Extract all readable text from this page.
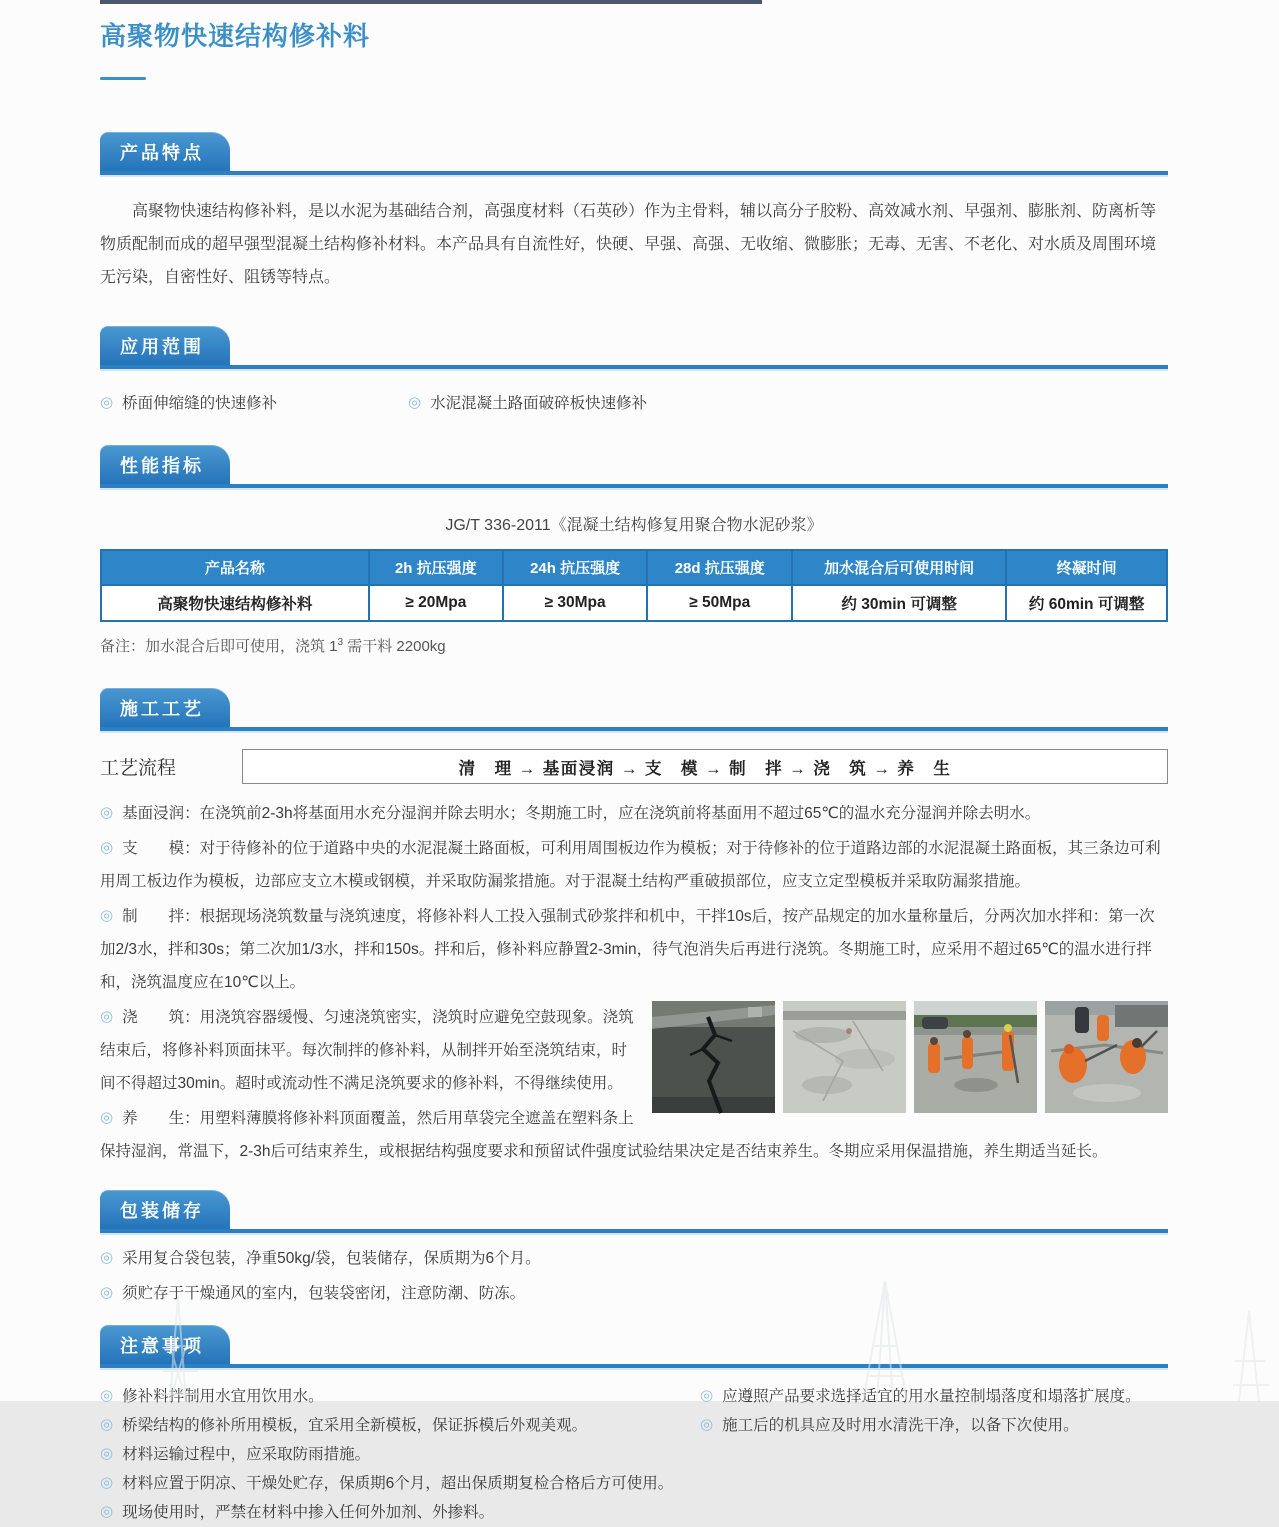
高聚物快速结构修补料
产品特点

高聚物快速结构修补料，是以水泥为基础结合剂，高强度材料（石英砂）作为主骨料，辅以高分子胶粉、高效减水剂、早强剂、膨胀剂、防离析等物质配制而成的超早强型混凝土结构修补材料。本产品具有自流性好，快硬、早强、高强、无收缩、微膨胀；无毒、无害、不老化、对水质及周围环境无污染，自密性好、阻锈等特点。

应用范围
◎ 桥面伸缩缝的快速修补	◎ 水泥混凝土路面破碎板快速修补
性能指标

JG/T 336-2011《混凝土结构修复用聚合物水泥砂浆》

产品名称	2h 抗压强度	24h 抗压强度	28d 抗压强度	加水混合后可使用时间	终凝时间
高聚物快速结构修补料	≥ 20Mpa	≥ 30Mpa	≥ 50Mpa	约 30min 可调整	约 60min 可调整

备注：加水混合后即可使用，浇筑 $1^3$ 需干料 2200kg

施工工艺
工艺流程	清　理 → 基面浸润 → 支　模 → 制　拌 → 浇　筑 → 养　生
◎ 基面浸润：在浇筑前2-3h将基面用水充分湿润并除去明水；冬期施工时，应在浇筑前将基面用不超过65℃的温水充分湿润并除去明水。
◎ 支　　模：对于待修补的位于道路中央的水泥混凝土路面板，可利用周围板边作为模板；对于待修补的位于道路边部的水泥混凝土路面板，其三条边可利用周工板边作为模板，边部应支立木模或钢模，并采取防漏浆措施。对于混凝土结构严重破损部位，应支立定型模板并采取防漏浆措施。
◎ 制　　拌：根据现场浇筑数量与浇筑速度，将修补料人工投入强制式砂浆拌和机中，干拌10s后，按产品规定的加水量称量后，分两次加水拌和：第一次加2/3水，拌和30s；第二次加1/3水，拌和150s。拌和后，修补料应静置2-3min，待气泡消失后再进行浇筑。冬期施工时，应采用不超过65℃的温水进行拌和，浇筑温度应在10℃以上。
◎ 浇　　筑：用浇筑容器缓慢、匀速浇筑密实，浇筑时应避免空鼓现象。浇筑结束后，将修补料顶面抹平。每次制拌的修补料，从制拌开始至浇筑结束，时间不得超过30min。超时或流动性不满足浇筑要求的修补料，不得继续使用。
◎ 养　　生：用塑料薄膜将修补料顶面覆盖，然后用草袋完全遮盖在塑料条上保持湿润，常温下，2-3h后可结束养生，或根据结构强度要求和预留试件强度试验结果决定是否结束养生。冬期应采用保温措施，养生期适当延长。
包装储存
◎ 采用复合袋包装，净重50kg/袋，包装储存，保质期为6个月。
◎ 须贮存于干燥通风的室内，包装袋密闭，注意防潮、防冻。
注意事项
◎ 修补料拌制用水宜用饮用水。
◎ 桥梁结构的修补所用模板，宜采用全新模板，保证拆模后外观美观。
◎ 材料运输过程中，应采取防雨措施。
◎ 材料应置于阴凉、干燥处贮存，保质期6个月，超出保质期复检合格后方可使用。
◎ 现场使用时，严禁在材料中掺入任何外加剂、外掺料。
◎ 应遵照产品要求选择适宜的用水量控制塌落度和塌落扩展度。
◎ 施工后的机具应及时用水清洗干净，以备下次使用。
